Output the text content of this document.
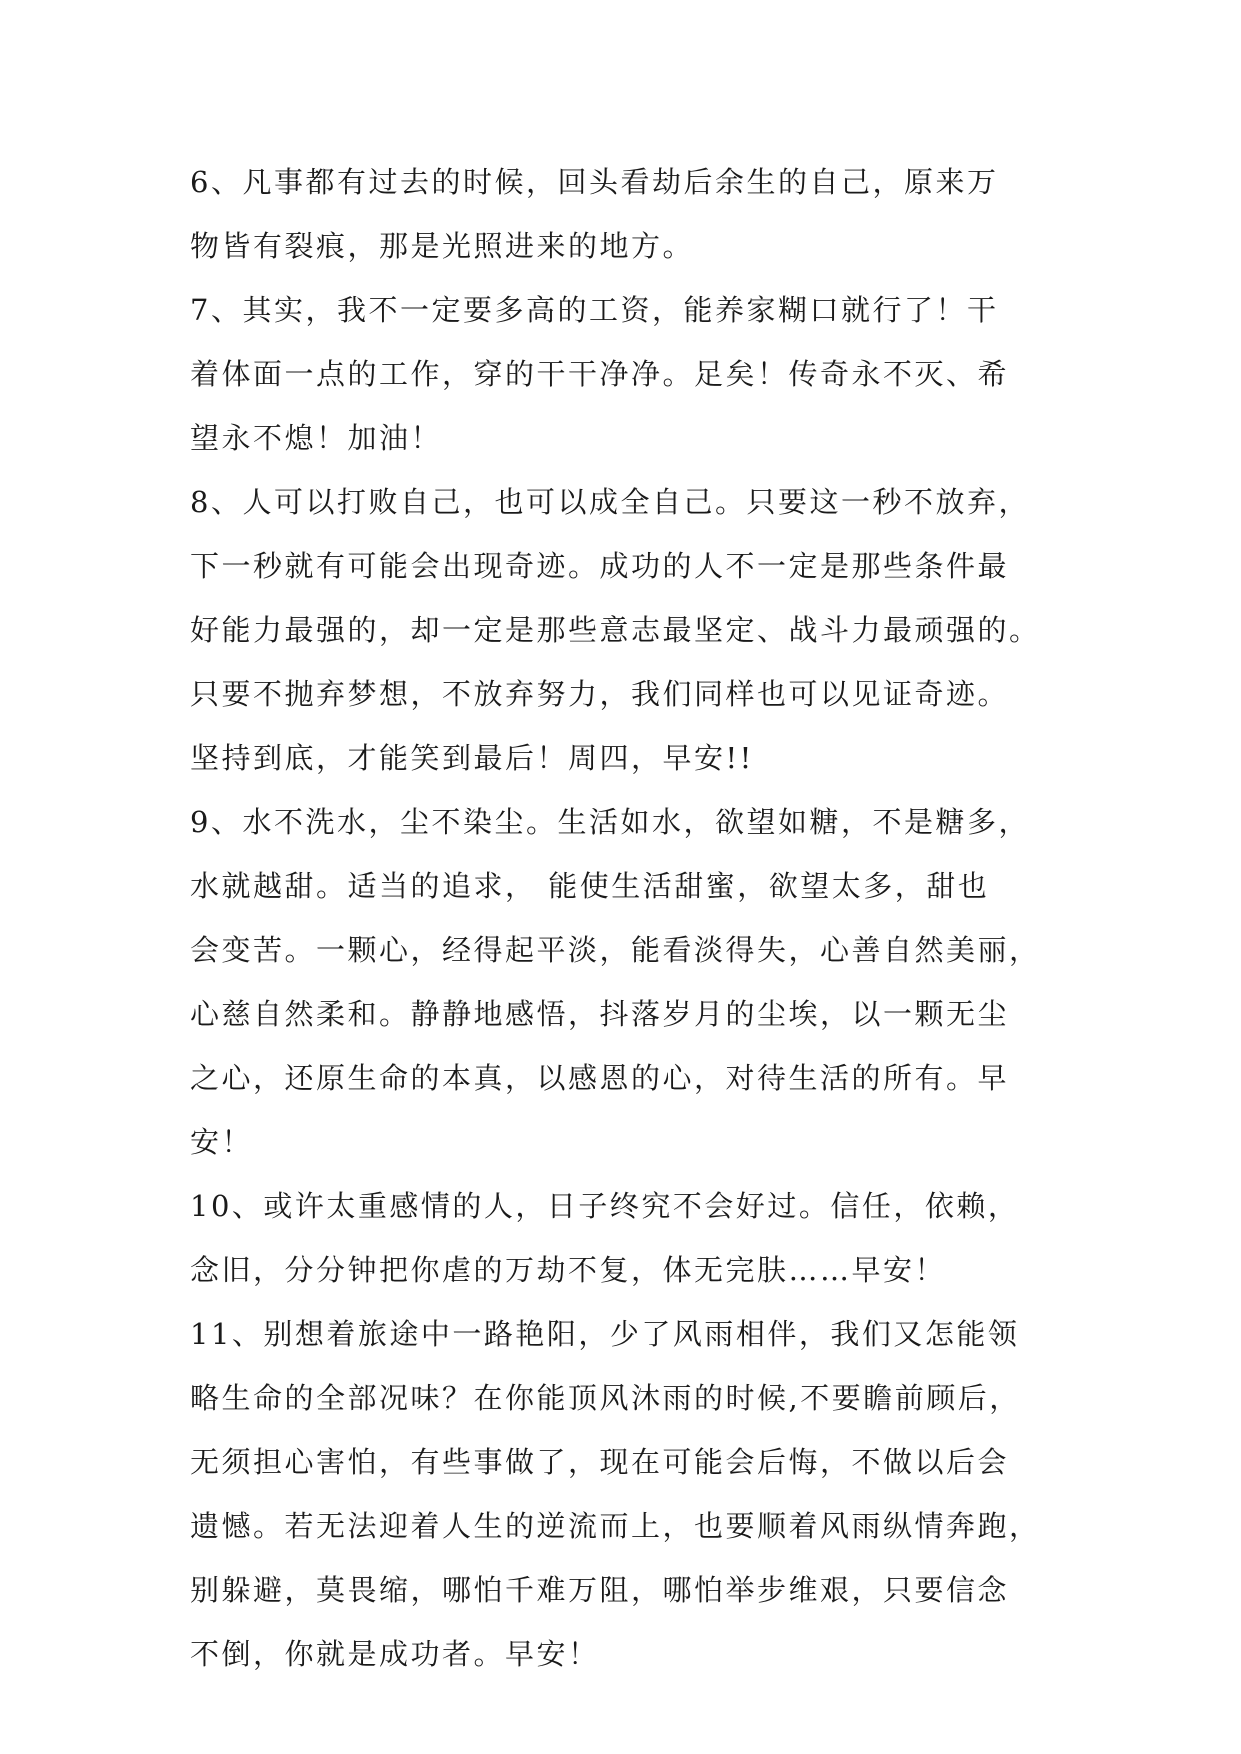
6、凡事都有过去的时候，回头看劫后余生的自己，原来万
物皆有裂痕，那是光照进来的地方。
7、其实，我不一定要多高的工资，能养家糊口就行了！干
着体面一点的工作，穿的干干净净。足矣！传奇永不灭、希
望永不熄！加油！
8、人可以打败自己，也可以成全自己。只要这一秒不放弃，
下一秒就有可能会出现奇迹。成功的人不一定是那些条件最
好能力最强的，却一定是那些意志最坚定、战斗力最顽强的。
只要不抛弃梦想，不放弃努力，我们同样也可以见证奇迹。
坚持到底，才能笑到最后！周四，早安!!
9、水不洗水，尘不染尘。生活如水，欲望如糖，不是糖多，
水就越甜。适当的追求， 能使生活甜蜜，欲望太多，甜也
会变苦。一颗心，经得起平淡，能看淡得失，心善自然美丽，
心慈自然柔和。静静地感悟，抖落岁月的尘埃，以一颗无尘
之心，还原生命的本真，以感恩的心，对待生活的所有。早
安！
10、或许太重感情的人，日子终究不会好过。信任，依赖，
念旧，分分钟把你虐的万劫不复，体无完肤……早安！
11、别想着旅途中一路艳阳，少了风雨相伴，我们又怎能领
略生命的全部况味？在你能顶风沐雨的时候,不要瞻前顾后，
无须担心害怕，有些事做了，现在可能会后悔，不做以后会
遗憾。若无法迎着人生的逆流而上，也要顺着风雨纵情奔跑，
别躲避，莫畏缩，哪怕千难万阻，哪怕举步维艰，只要信念
不倒，你就是成功者。早安！
